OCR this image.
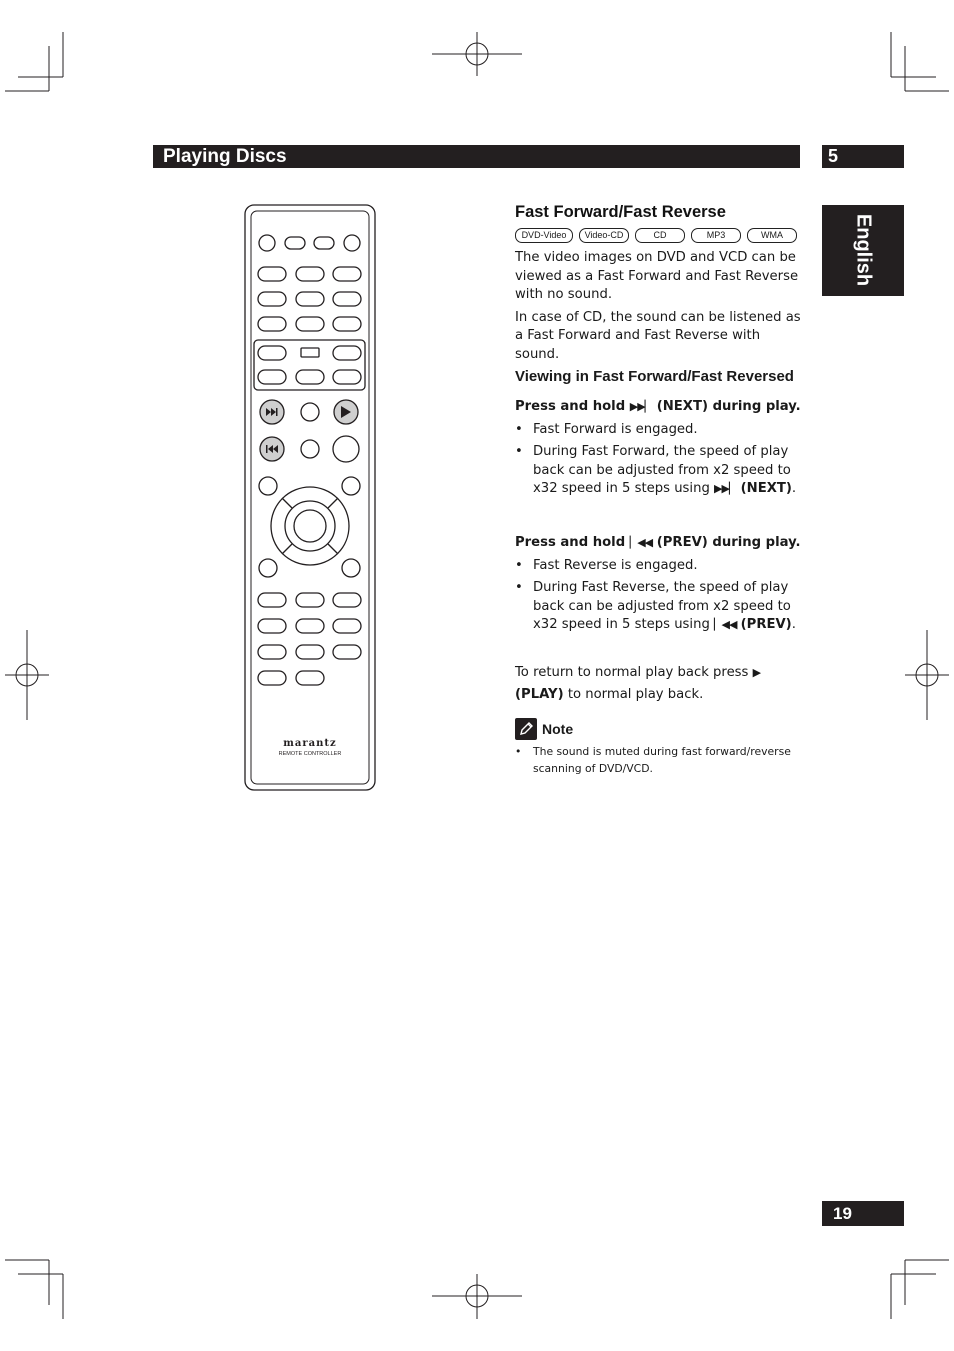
Playing Discs	5
English
marantz
REMOTE CONTROLLER
Fast Forward/Fast Reverse
DVD-Video	Video-CD	CD	MP3	WMA

The video images on DVD and VCD can be viewed as a Fast Forward and Fast Reverse with no sound.

In case of CD, the sound can be listened as a Fast Forward and Fast Reverse with sound.

Viewing in Fast Forward/Fast Reversed

Press and hold ▶▶▏ (NEXT) during play.

• Fast Forward is engaged.
• During Fast Forward, the speed of play back can be adjusted from x2 speed to x32 speed in 5 steps using ▶▶▏ (NEXT).

Press and hold ▏◀◀ (PREV) during play.

• Fast Reverse is engaged.
• During Fast Reverse, the speed of play back can be adjusted from x2 speed to x32 speed in 5 steps using ▏◀◀ (PREV).
To return to normal play back press ▶ (PLAY) to normal play back.
Note
• The sound is muted during fast forward/reverse scanning of DVD/VCD.
19
